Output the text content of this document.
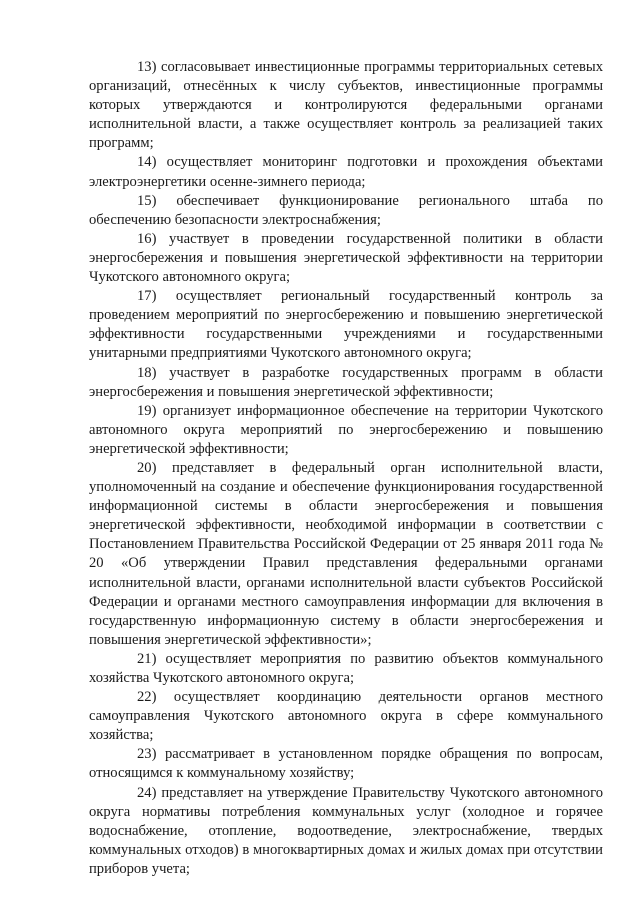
13) согласовывает инвестиционные программы территориальных сетевых организаций, отнесённых к числу субъектов, инвестиционные программы которых утверждаются и контролируются федеральными органами исполнительной власти, а также осуществляет контроль за реализацией таких программ;

14) осуществляет мониторинг подготовки и прохождения объектами электроэнергетики осенне-зимнего периода;

15) обеспечивает функционирование регионального штаба по обеспечению безопасности электроснабжения;

16) участвует в проведении государственной политики в области энергосбережения и повышения энергетической эффективности на территории Чукотского автономного округа;

17) осуществляет региональный государственный контроль за проведением мероприятий по энергосбережению и повышению энергетической эффективности государственными учреждениями и государственными унитарными предприятиями Чукотского автономного округа;

18) участвует в разработке государственных программ в области энергосбережения и повышения энергетической эффективности;

19) организует информационное обеспечение на территории Чукотского автономного округа мероприятий по энергосбережению и повышению энергетической эффективности;

20) представляет в федеральный орган исполнительной власти, уполномоченный на создание и обеспечение функционирования государственной информационной системы в области энергосбережения и повышения энергетической эффективности, необходимой информации в соответствии с Постановлением Правительства Российской Федерации от 25 января 2011 года № 20 «Об утверждении Правил представления федеральными органами исполнительной власти, органами исполнительной власти субъектов Российской Федерации и органами местного самоуправления информации для включения в государственную информационную систему в области энергосбережения и повышения энергетической эффективности»;

21) осуществляет мероприятия по развитию объектов коммунального хозяйства Чукотского автономного округа;

22) осуществляет координацию деятельности органов местного самоуправления Чукотского автономного округа в сфере коммунального хозяйства;

23) рассматривает в установленном порядке обращения по вопросам, относящимся к коммунальному хозяйству;

24) представляет на утверждение Правительству Чукотского автономного округа нормативы потребления коммунальных услуг (холодное и горячее водоснабжение, отопление, водоотведение, электроснабжение, твердых коммунальных отходов) в многоквартирных домах и жилых домах при отсутствии приборов учета;
